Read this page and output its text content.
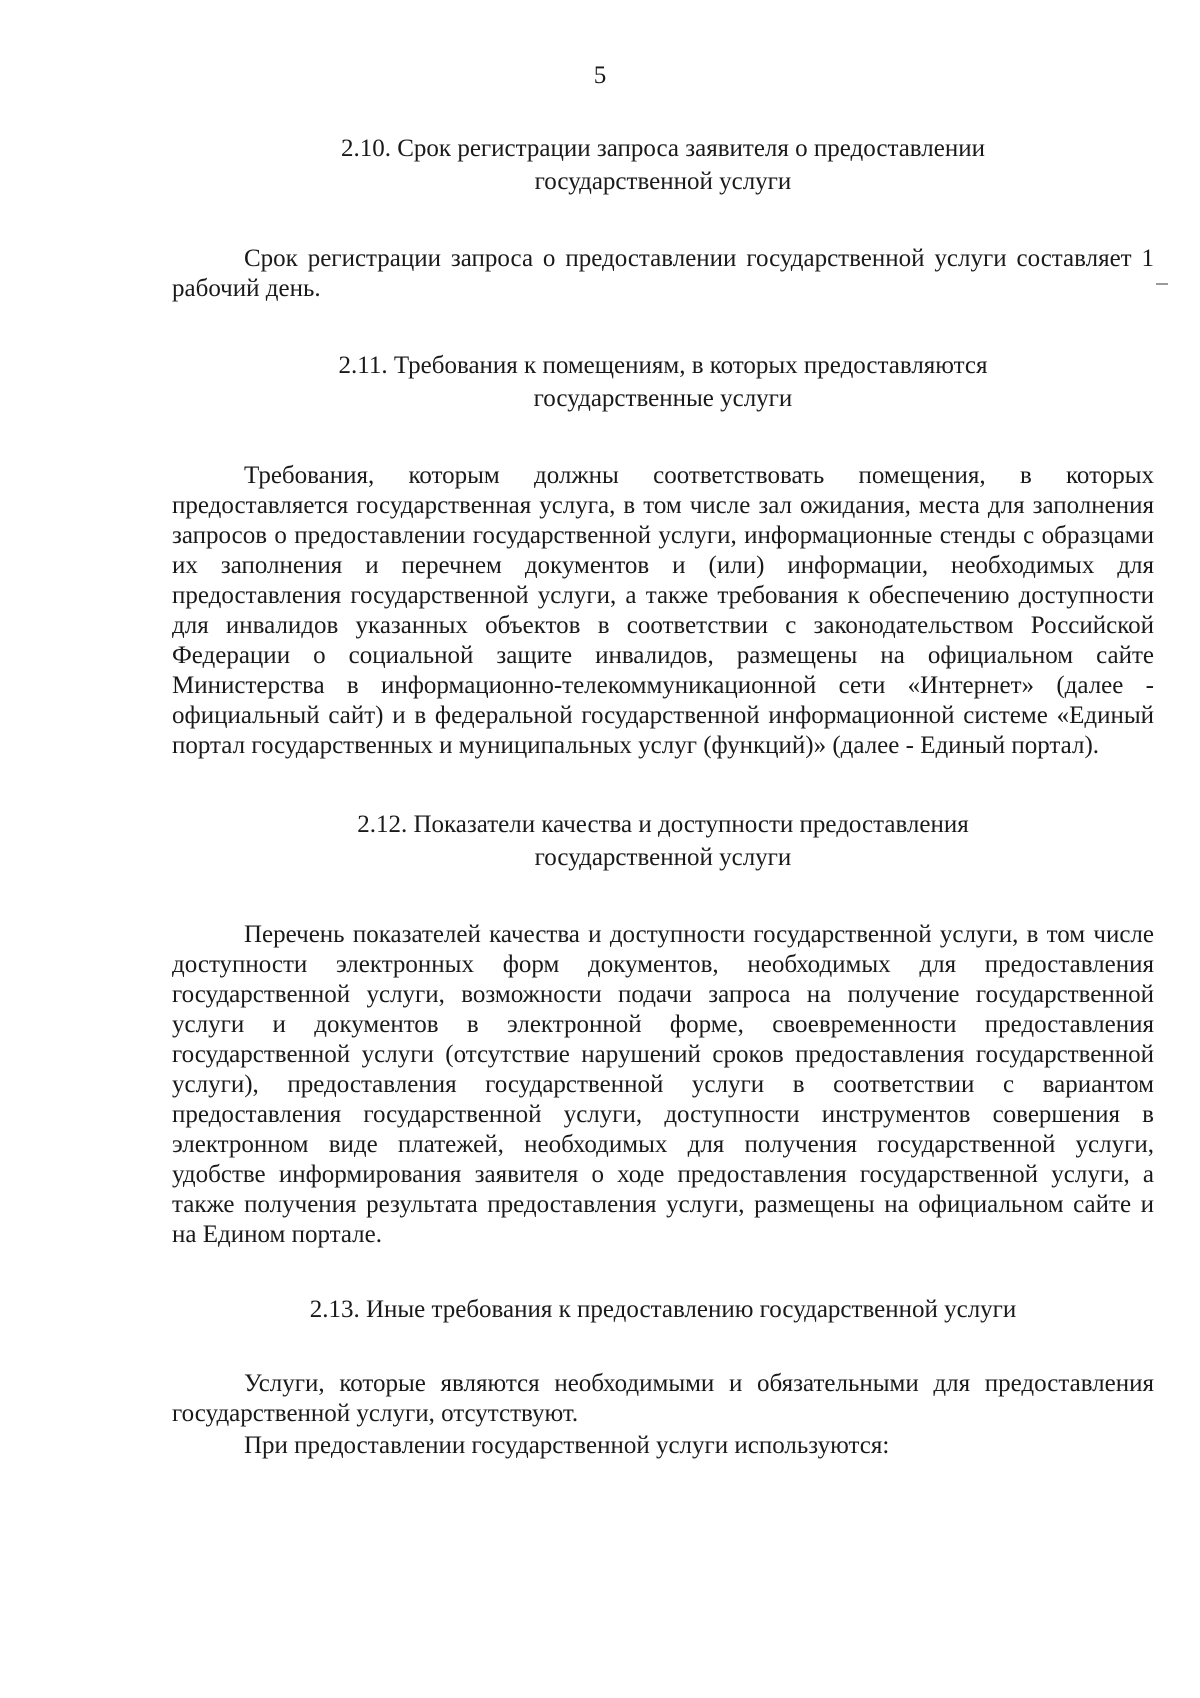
5
2.10. Срок регистрации запроса заявителя о предоставлении
государственной услуги

Срок регистрации запроса о предоставлении государственной услуги составляет 1 рабочий день.

2.11. Требования к помещениям, в которых предоставляются
государственные услуги

Требования, которым должны соответствовать помещения, в которых предоставляется государственная услуга, в том числе зал ожидания, места для заполнения запросов о предоставлении государственной услуги, информационные стенды с образцами их заполнения и перечнем документов и (или) информации, необходимых для предоставления государственной услуги, а также требования к обеспечению доступности для инвалидов указанных объектов в соответствии с законодательством Российской Федерации о социальной защите инвалидов, размещены на официальном сайте Министерства в информационно-телекоммуникационной сети «Интернет» (далее - официальный сайт) и в федеральной государственной информационной системе «Единый портал государственных и муниципальных услуг (функций)» (далее - Единый портал).

2.12. Показатели качества и доступности предоставления
государственной услуги

Перечень показателей качества и доступности государственной услуги, в том числе доступности электронных форм документов, необходимых для предоставления государственной услуги, возможности подачи запроса на получение государственной услуги и документов в электронной форме, своевременности предоставления государственной услуги (отсутствие нарушений сроков предоставления государственной услуги), предоставления государственной услуги в соответствии с вариантом предоставления государственной услуги, доступности инструментов совершения в электронном виде платежей, необходимых для получения государственной услуги, удобстве информирования заявителя о ходе предоставления государственной услуги, а также получения результата предоставления услуги, размещены на официальном сайте и на Едином портале.

2.13. Иные требования к предоставлению государственной услуги

Услуги, которые являются необходимыми и обязательными для предоставления государственной услуги, отсутствуют.

При предоставлении государственной услуги используются:
